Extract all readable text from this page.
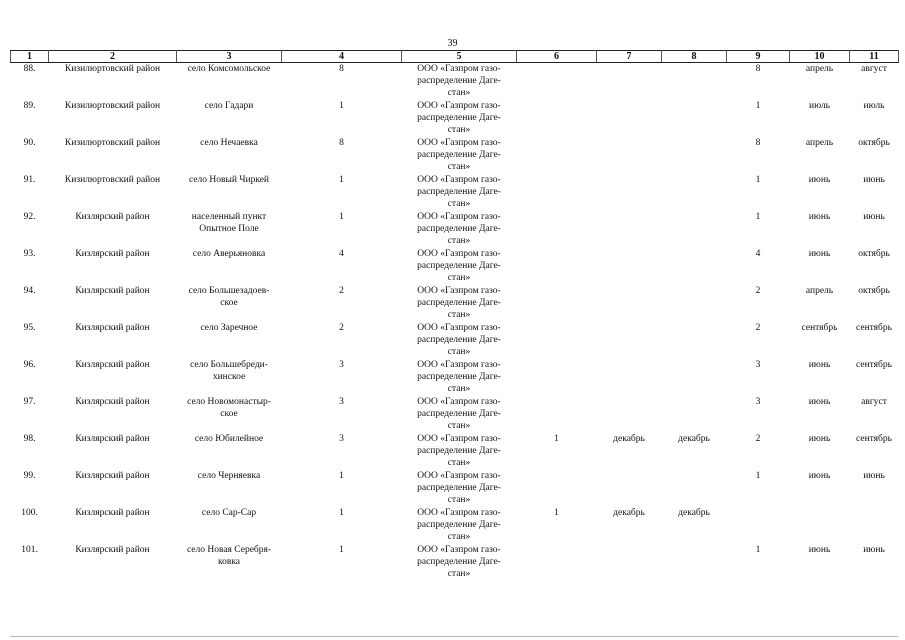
39
1	2	3	4	5	6	7	8	9	10	11
88.	Кизилюртовский район	село Комсомольское	8	ООО «Газпром газо-
распределение Даге-
стан»				8	апрель	август
89.	Кизилюртовский район	село Гадари	1	ООО «Газпром газо-
распределение Даге-
стан»				1	июль	июль
90.	Кизилюртовский район	село Нечаевка	8	ООО «Газпром газо-
распределение Даге-
стан»				8	апрель	октябрь
91.	Кизилюртовский район	село Новый Чиркей	1	ООО «Газпром газо-
распределение Даге-
стан»				1	июнь	июнь
92.	Кизлярский район	населенный пункт
Опытное Поле	1	ООО «Газпром газо-
распределение Даге-
стан»				1	июнь	июнь
93.	Кизлярский район	село Аверьяновка	4	ООО «Газпром газо-
распределение Даге-
стан»				4	июнь	октябрь
94.	Кизлярский район	село Большезадоев-
ское	2	ООО «Газпром газо-
распределение Даге-
стан»				2	апрель	октябрь
95.	Кизлярский район	село Заречное	2	ООО «Газпром газо-
распределение Даге-
стан»				2	сентябрь	сентябрь
96.	Кизлярский район	село Большебреди-
хинское	3	ООО «Газпром газо-
распределение Даге-
стан»				3	июнь	сентябрь
97.	Кизлярский район	село Новомонастыр-
ское	3	ООО «Газпром газо-
распределение Даге-
стан»				3	июнь	август
98.	Кизлярский район	село Юбилейное	3	ООО «Газпром газо-
распределение Даге-
стан»	1	декабрь	декабрь	2	июнь	сентябрь
99.	Кизлярский район	село Черняевка	1	ООО «Газпром газо-
распределение Даге-
стан»				1	июнь	июнь
100.	Кизлярский район	село Сар-Сар	1	ООО «Газпром газо-
распределение Даге-
стан»	1	декабрь	декабрь			
101.	Кизлярский район	село Новая Серебря-
ковка	1	ООО «Газпром газо-
распределение Даге-
стан»				1	июнь	июнь
